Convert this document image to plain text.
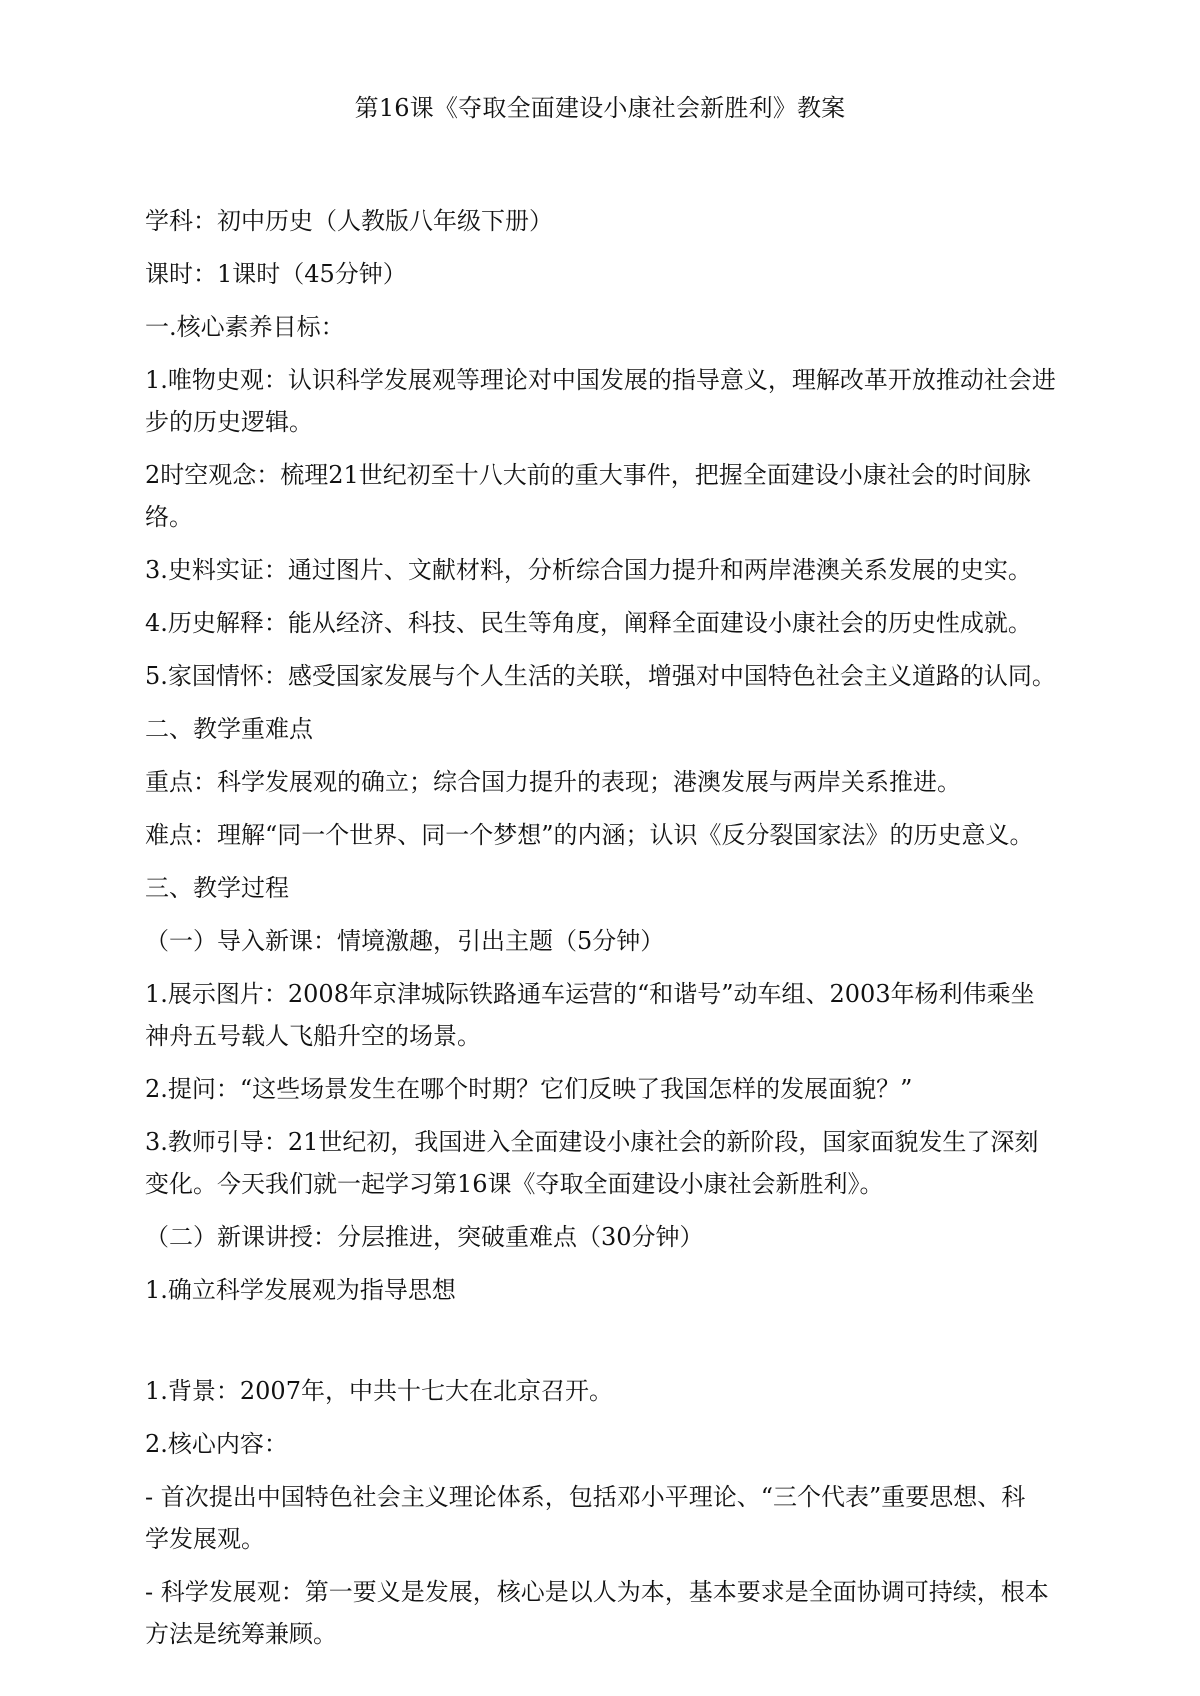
第16课《夺取全面建设小康社会新胜利》教案
学科：初中历史（人教版八年级下册）
课时：1课时（45分钟）
一.核心素养目标：
1.唯物史观：认识科学发展观等理论对中国发展的指导意义，理解改革开放推动社会进
步的历史逻辑。
2时空观念：梳理21世纪初至十八大前的重大事件，把握全面建设小康社会的时间脉
络。
3.史料实证：通过图片、文献材料，分析综合国力提升和两岸港澳关系发展的史实。
4.历史解释：能从经济、科技、民生等角度，阐释全面建设小康社会的历史性成就。
5.家国情怀：感受国家发展与个人生活的关联，增强对中国特色社会主义道路的认同。
二、教学重难点
重点：科学发展观的确立；综合国力提升的表现；港澳发展与两岸关系推进。
难点：理解“同一个世界、同一个梦想”的内涵；认识《反分裂国家法》的历史意义。
三、教学过程
（一）导入新课：情境激趣，引出主题（5分钟）
1.展示图片：2008年京津城际铁路通车运营的“和谐号”动车组、2003年杨利伟乘坐
神舟五号载人飞船升空的场景。
2.提问：“这些场景发生在哪个时期？它们反映了我国怎样的发展面貌？”
3.教师引导：21世纪初，我国进入全面建设小康社会的新阶段，国家面貌发生了深刻
变化。今天我们就一起学习第16课《夺取全面建设小康社会新胜利》。
（二）新课讲授：分层推进，突破重难点（30分钟）
1.确立科学发展观为指导思想
1.背景：2007年，中共十七大在北京召开。
2.核心内容：
- 首次提出中国特色社会主义理论体系，包括邓小平理论、“三个代表”重要思想、科
学发展观。
- 科学发展观：第一要义是发展，核心是以人为本，基本要求是全面协调可持续，根本
方法是统筹兼顾。
